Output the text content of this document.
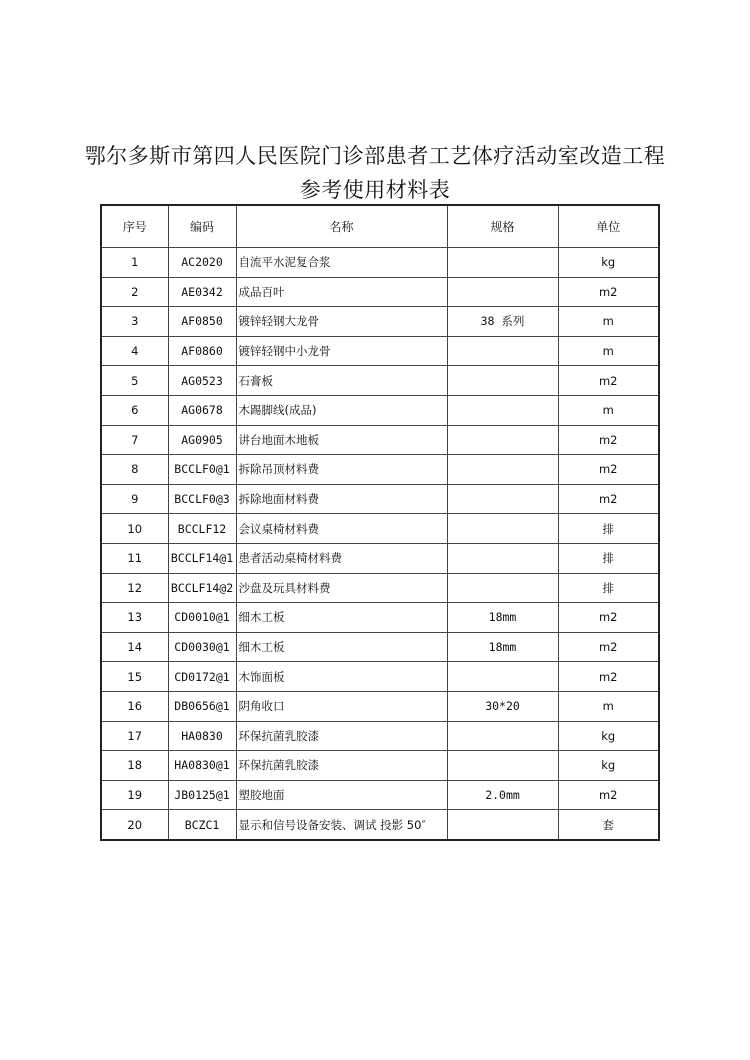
鄂尔多斯市第四人民医院门诊部患者工艺体疗活动室改造工程
参考使用材料表
序号	编码	名称	规格	单位
1	AC2020	自流平水泥复合浆		kg
2	AE0342	成品百叶		m2
3	AF0850	镀锌轻钢大龙骨	38 系列	m
4	AF0860	镀锌轻钢中小龙骨		m
5	AG0523	石膏板		m2
6	AG0678	木踢脚线(成品)		m
7	AG0905	讲台地面木地板		m2
8	BCCLF0@1	拆除吊顶材料费		m2
9	BCCLF0@3	拆除地面材料费		m2
10	BCCLF12	会议桌椅材料费		排
11	BCCLF14@1	患者活动桌椅材料费		排
12	BCCLF14@2	沙盘及玩具材料费		排
13	CD0010@1	细木工板	18mm	m2
14	CD0030@1	细木工板	18mm	m2
15	CD0172@1	木饰面板		m2
16	DB0656@1	阴角收口	30*20	m
17	HA0830	环保抗菌乳胶漆		kg
18	HA0830@1	环保抗菌乳胶漆		kg
19	JB0125@1	塑胶地面	2.0mm	m2
20	BCZC1	显示和信号设备安装、调试 投影 50″		套
